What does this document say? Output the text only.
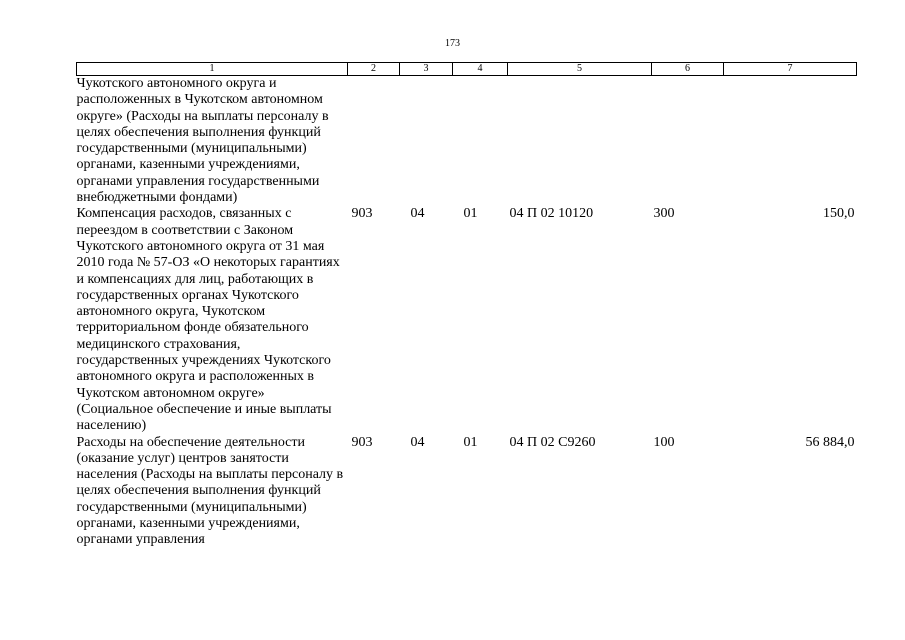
173
1	2	3	4	5	6	7
Чукотского автономного округа и расположенных в Чукотском автономном округе» (Расходы на выплаты персоналу в целях обеспечения выполнения функций государственными (муниципальными) органами, казенными учреждениями, органами управления государственными внебюджетными фондами)						
Компенсация расходов, связанных с переездом в соответствии с Законом Чукотского автономного округа от 31 мая 2010 года № 57-ОЗ «О некоторых гарантиях и компенсациях для лиц, работающих в государственных органах Чукотского автономного округа, Чукотском территориальном фонде обязательного медицинского страхования, государственных учреждениях Чукотского автономного округа и расположенных в Чукотском автономном округе» (Социальное обеспечение и иные выплаты населению)	903	04	01	04 П 02 10120	300	150,0
Расходы на обеспечение деятельности (оказание услуг) центров занятости населения (Расходы на выплаты персоналу в целях обеспечения выполнения функций государственными (муниципальными) органами, казенными учреждениями, органами управления	903	04	01	04 П 02 С9260	100	56 884,0
